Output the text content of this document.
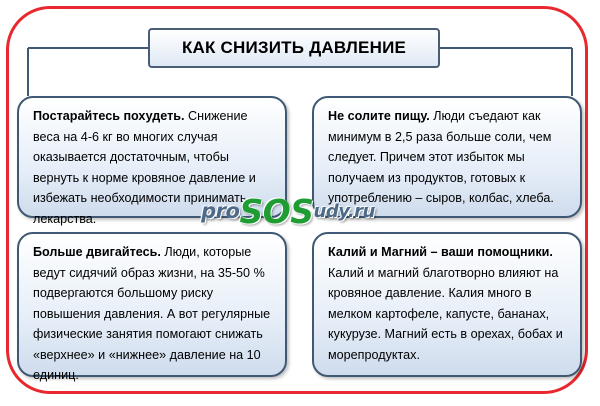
КАК СНИЗИТЬ ДАВЛЕНИЕ
Постарайтесь похудеть. Снижение веса на 4-6 кг во многих случая оказывается достаточным, чтобы вернуть к норме кровяное давление и избежать необходимости принимать лекарства.
Не солите пищу. Люди съедают как минимум в 2,5 раза больше соли, чем следует. Причем этот избыток мы получаем из продуктов, готовых к употреблению – сыров, колбас, хлеба.
Больше двигайтесь. Люди, которые ведут сидячий образ жизни, на 35-50 % подвергаются большому риску повышения давления. А вот регулярные физические занятия помогают снижать «верхнее» и «нижнее» давление на 10 единиц.
Калий и Магний – ваши помощники. Калий и магний благотворно влияют на кровяное давление. Калия много в мелком картофеле, капусте, бананах, кукурузе. Магний есть в орехах, бобах и морепродуктах.
pro SOS udy.ru
